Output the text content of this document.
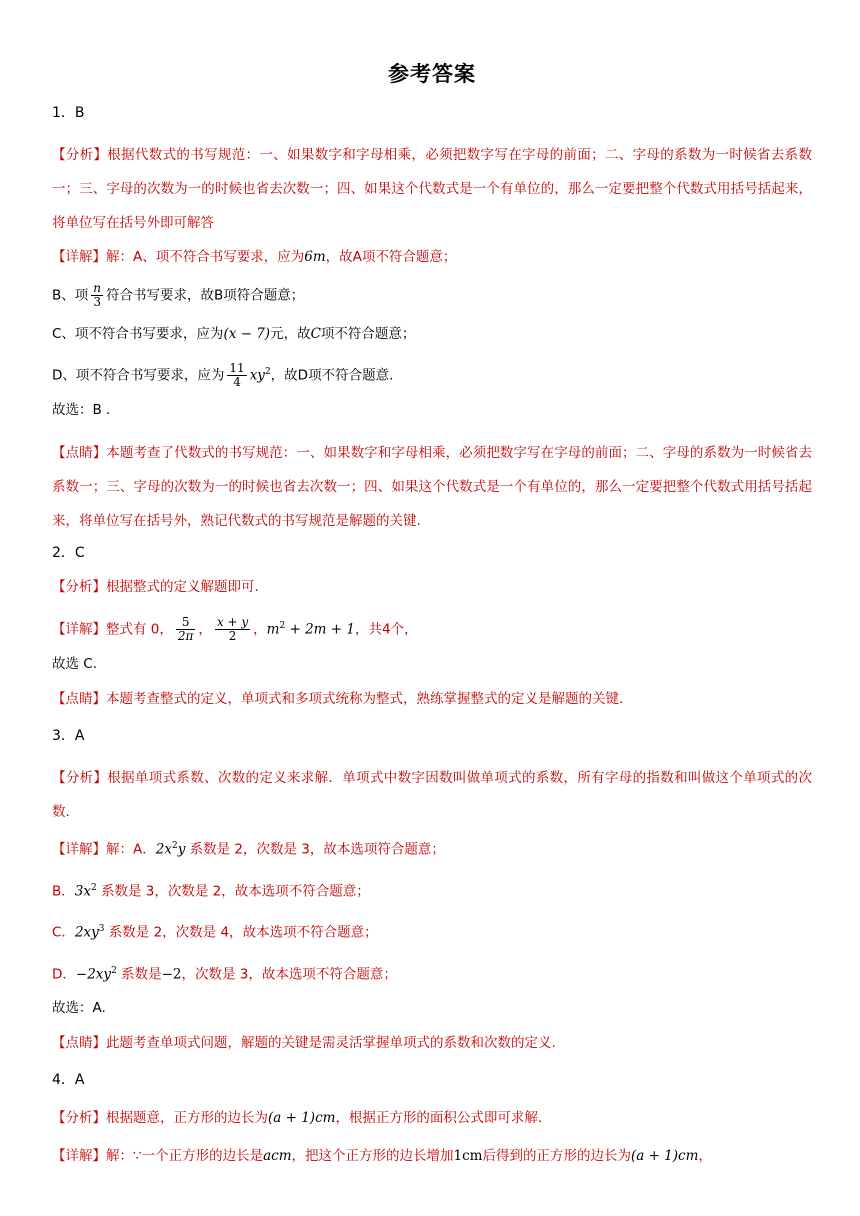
参考答案
1．B
【分析】根据代数式的书写规范：一、如果数字和字母相乘，必须把数字写在字母的前面；二、字母的系数为一时候省去系数一；三、字母的次数为一的时候也省去次数一；四、如果这个代数式是一个有单位的，那么一定要把整个代数式用括号括起来，将单位写在括号外即可解答
【详解】解：A、项不符合书写要求，应为6m，故A项不符合题意；
B、项 $\frac{n}{3}$ 符合书写要求，故B项符合题意；
C、项不符合书写要求，应为(x − 7)元，故C项不符合题意；
D、项不符合书写要求，应为 $\frac{11}{4} xy^2$，故D项不符合题意.
故选：B .
【点睛】本题考查了代数式的书写规范：一、如果数字和字母相乘，必须把数字写在字母的前面；二、字母的系数为一时候省去系数一；三、字母的次数为一的时候也省去次数一；四、如果这个代数式是一个有单位的，那么一定要把整个代数式用括号括起来，将单位写在括号外，熟记代数式的书写规范是解题的关键.
2．C
【分析】根据整式的定义解题即可.
【详解】整式有 0， $\frac{5}{2\pi}$ ， $\frac{x + y}{2}$ ，$m^2 + 2m + 1$，共4个，
故选 C.
【点睛】本题考查整式的定义，单项式和多项式统称为整式，熟练掌握整式的定义是解题的关键.
3．A
【分析】根据单项式系数、次数的定义来求解．单项式中数字因数叫做单项式的系数，所有字母的指数和叫做这个单项式的次数.
【详解】解：A．$2x^2y$ 系数是 2，次数是 3，故本选项符合题意；
B．$3x^2$ 系数是 3，次数是 2，故本选项不符合题意；
C．$2xy^3$ 系数是 2，次数是 4，故本选项不符合题意；
D．$-2xy^2$ 系数是−2，次数是 3，故本选项不符合题意；
故选：A.
【点睛】此题考查单项式问题，解题的关键是需灵活掌握单项式的系数和次数的定义.
4．A
【分析】根据题意，正方形的边长为(a + 1)cm，根据正方形的面积公式即可求解.
【详解】解：∵一个正方形的边长是acm，把这个正方形的边长增加1cm后得到的正方形的边长为(a + 1)cm，
